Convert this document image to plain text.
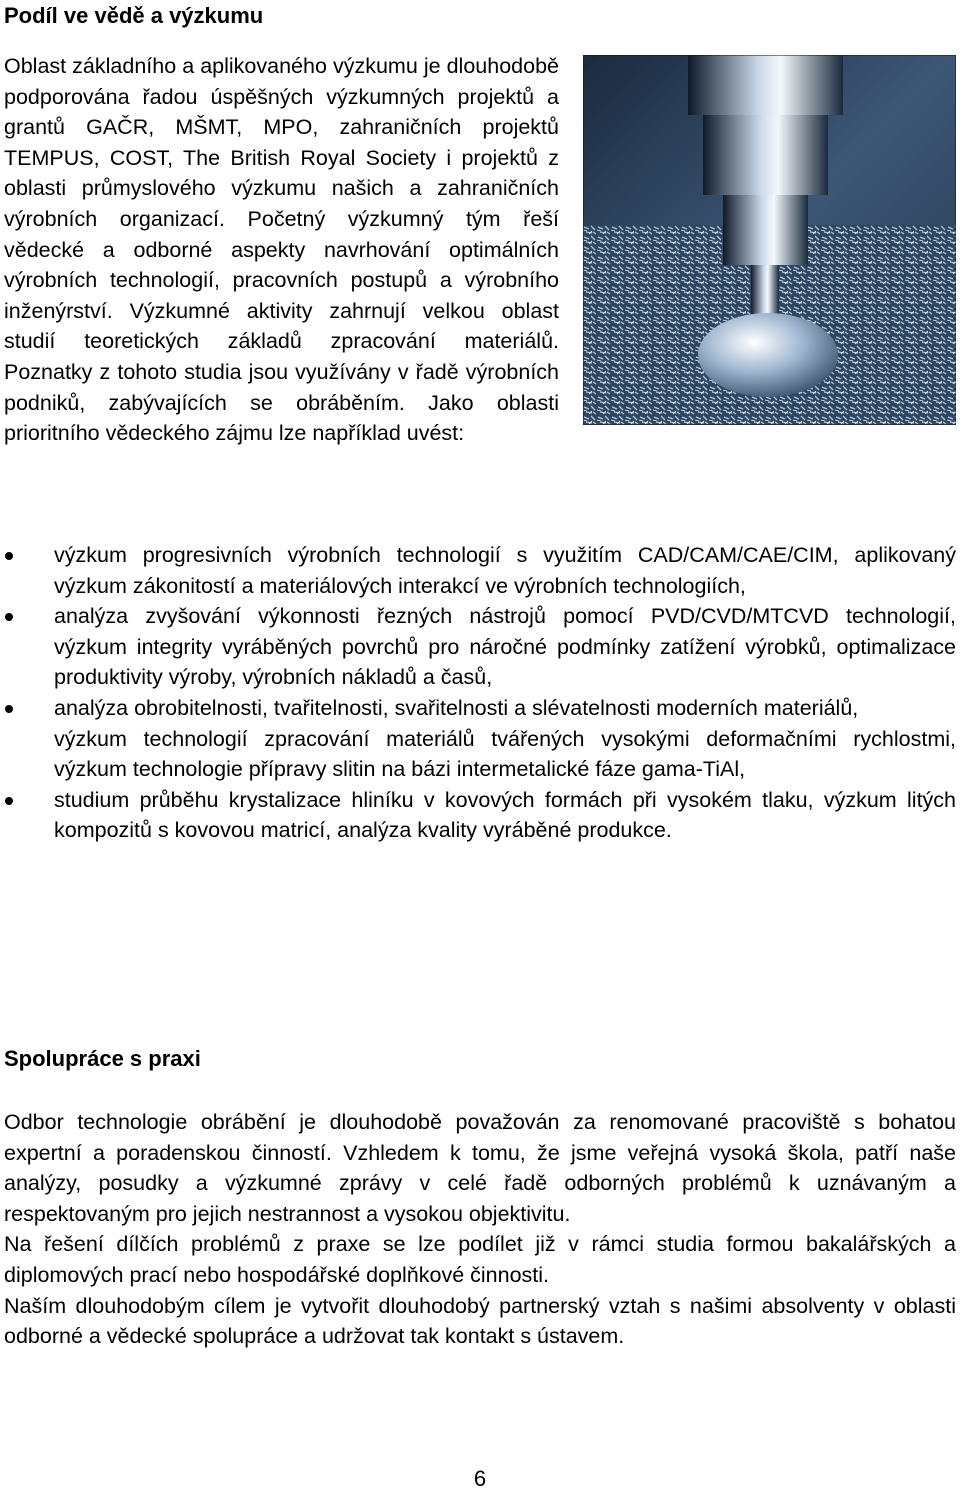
Podíl ve vědě a výzkumu
Oblast základního a aplikovaného výzkumu je dlouhodobě podporována řadou úspěšných výzkumných projektů a grantů GAČR, MŠMT, MPO, zahraničních projektů TEMPUS, COST, The British Royal Society i projektů z oblasti průmyslového výzkumu našich a zahraničních výrobních organizací. Početný výzkumný tým řeší vědecké a odborné aspekty navrhování optimálních výrobních technologií, pracovních postupů a výrobního inženýrství. Výzkumné aktivity zahrnují velkou oblast studií teoretických základů zpracování materiálů. Poznatky z tohoto studia jsou využívány v řadě výrobních podniků, zabývajících se obráběním. Jako oblasti prioritního vědeckého zájmu lze například uvést:
výzkum progresivních výrobních technologií s využitím CAD/CAM/CAE/CIM, aplikovaný výzkum zákonitostí a materiálových interakcí ve výrobních technologiích,
analýza zvyšování výkonnosti řezných nástrojů pomocí PVD/CVD/MTCVD technologií, výzkum integrity vyráběných povrchů pro náročné podmínky zatížení výrobků, optimalizace produktivity výroby, výrobních nákladů a časů,
analýza obrobitelnosti, tvařitelnosti, svařitelnosti a slévatelnosti moderních materiálů,
výzkum technologií zpracování materiálů tvářených vysokými deformačními rychlostmi, výzkum technologie přípravy slitin na bázi intermetalické fáze gama-TiAl,
studium průběhu krystalizace hliníku v kovových formách při vysokém tlaku, výzkum litých kompozitů s kovovou matricí, analýza kvality vyráběné produkce.
Spolupráce s praxi

Odbor technologie obrábění je dlouhodobě považován za renomované pracoviště s bohatou expertní a poradenskou činností. Vzhledem k tomu, že jsme veřejná vysoká škola, patří naše analýzy, posudky a výzkumné zprávy v celé řadě odborných problémů k uznávaným a respektovaným pro jejich nestrannost a vysokou objektivitu.

Na řešení dílčích problémů z praxe se lze podílet již v rámci studia formou bakalářských a diplomových prací nebo hospodářské doplňkové činnosti.

Naším dlouhodobým cílem je vytvořit dlouhodobý partnerský vztah s našimi absolventy v oblasti odborné a vědecké spolupráce a udržovat tak kontakt s ústavem.

6
